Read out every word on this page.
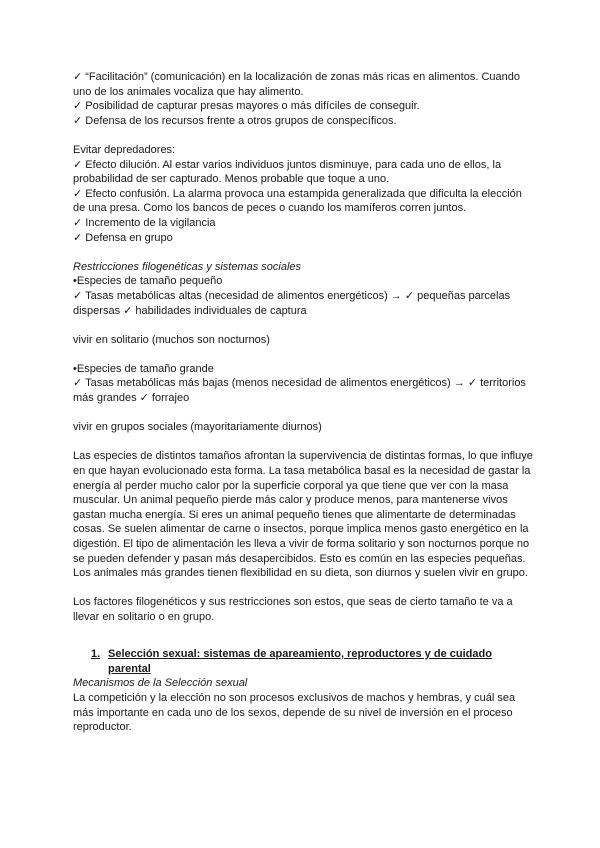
✓ “Facilitación” (comunicación) en la localización de zonas más ricas en alimentos. Cuando uno de los animales vocaliza que hay alimento.

✓ Posibilidad de capturar presas mayores o más difíciles de conseguir.

✓ Defensa de los recursos frente a otros grupos de conspecíficos.

Evitar depredadores:

✓ Efecto dilución. Al estar varios individuos juntos disminuye, para cada uno de ellos, la probabilidad de ser capturado. Menos probable que toque a uno.

✓ Efecto confusión. La alarma provoca una estampida generalizada que dificulta la elección de una presa. Como los bancos de peces o cuando los mamíferos corren juntos.

✓ Incremento de la vigilancia

✓ Defensa en grupo

Restricciones filogenéticas y sistemas sociales

•Especies de tamaño pequeño

✓ Tasas metabólicas altas (necesidad de alimentos energéticos) → ✓ pequeñas parcelas dispersas ✓ habilidades individuales de captura

vivir en solitario (muchos son nocturnos)

•Especies de tamaño grande

✓ Tasas metabólicas más bajas (menos necesidad de alimentos energéticos) → ✓ territorios más grandes ✓ forrajeo

vivir en grupos sociales (mayoritariamente diurnos)

Las especies de distintos tamaños afrontan la supervivencia de distintas formas, lo que influye en que hayan evolucionado esta forma. La tasa metabólica basal es la necesidad de gastar la energía al perder mucho calor por la superficie corporal ya que tiene que ver con la masa muscular. Un animal pequeño pierde más calor y produce menos, para mantenerse vivos gastan mucha energía. Si eres un animal pequeño tienes que alimentarte de determinadas cosas. Se suelen alimentar de carne o insectos, porque implica menos gasto energético en la digestión. El tipo de alimentación les lleva a vivir de forma solitario y son nocturnos porque no se pueden defender y pasan más desapercibidos. Esto es común en las especies pequeñas.

Los animales más grandes tienen flexibilidad en su dieta, son diurnos y suelen vivir en grupo.

Los factores filogenéticos y sus restricciones son estos, que seas de cierto tamaño te va a llevar en solitario o en grupo.

1. Selección sexual: sistemas de apareamiento, reproductores y de cuidado parental

Mecanismos de la Selección sexual

La competición y la elección no son procesos exclusivos de machos y hembras, y cuál sea más importante en cada uno de los sexos, depende de su nivel de inversión en el proceso reproductor.
